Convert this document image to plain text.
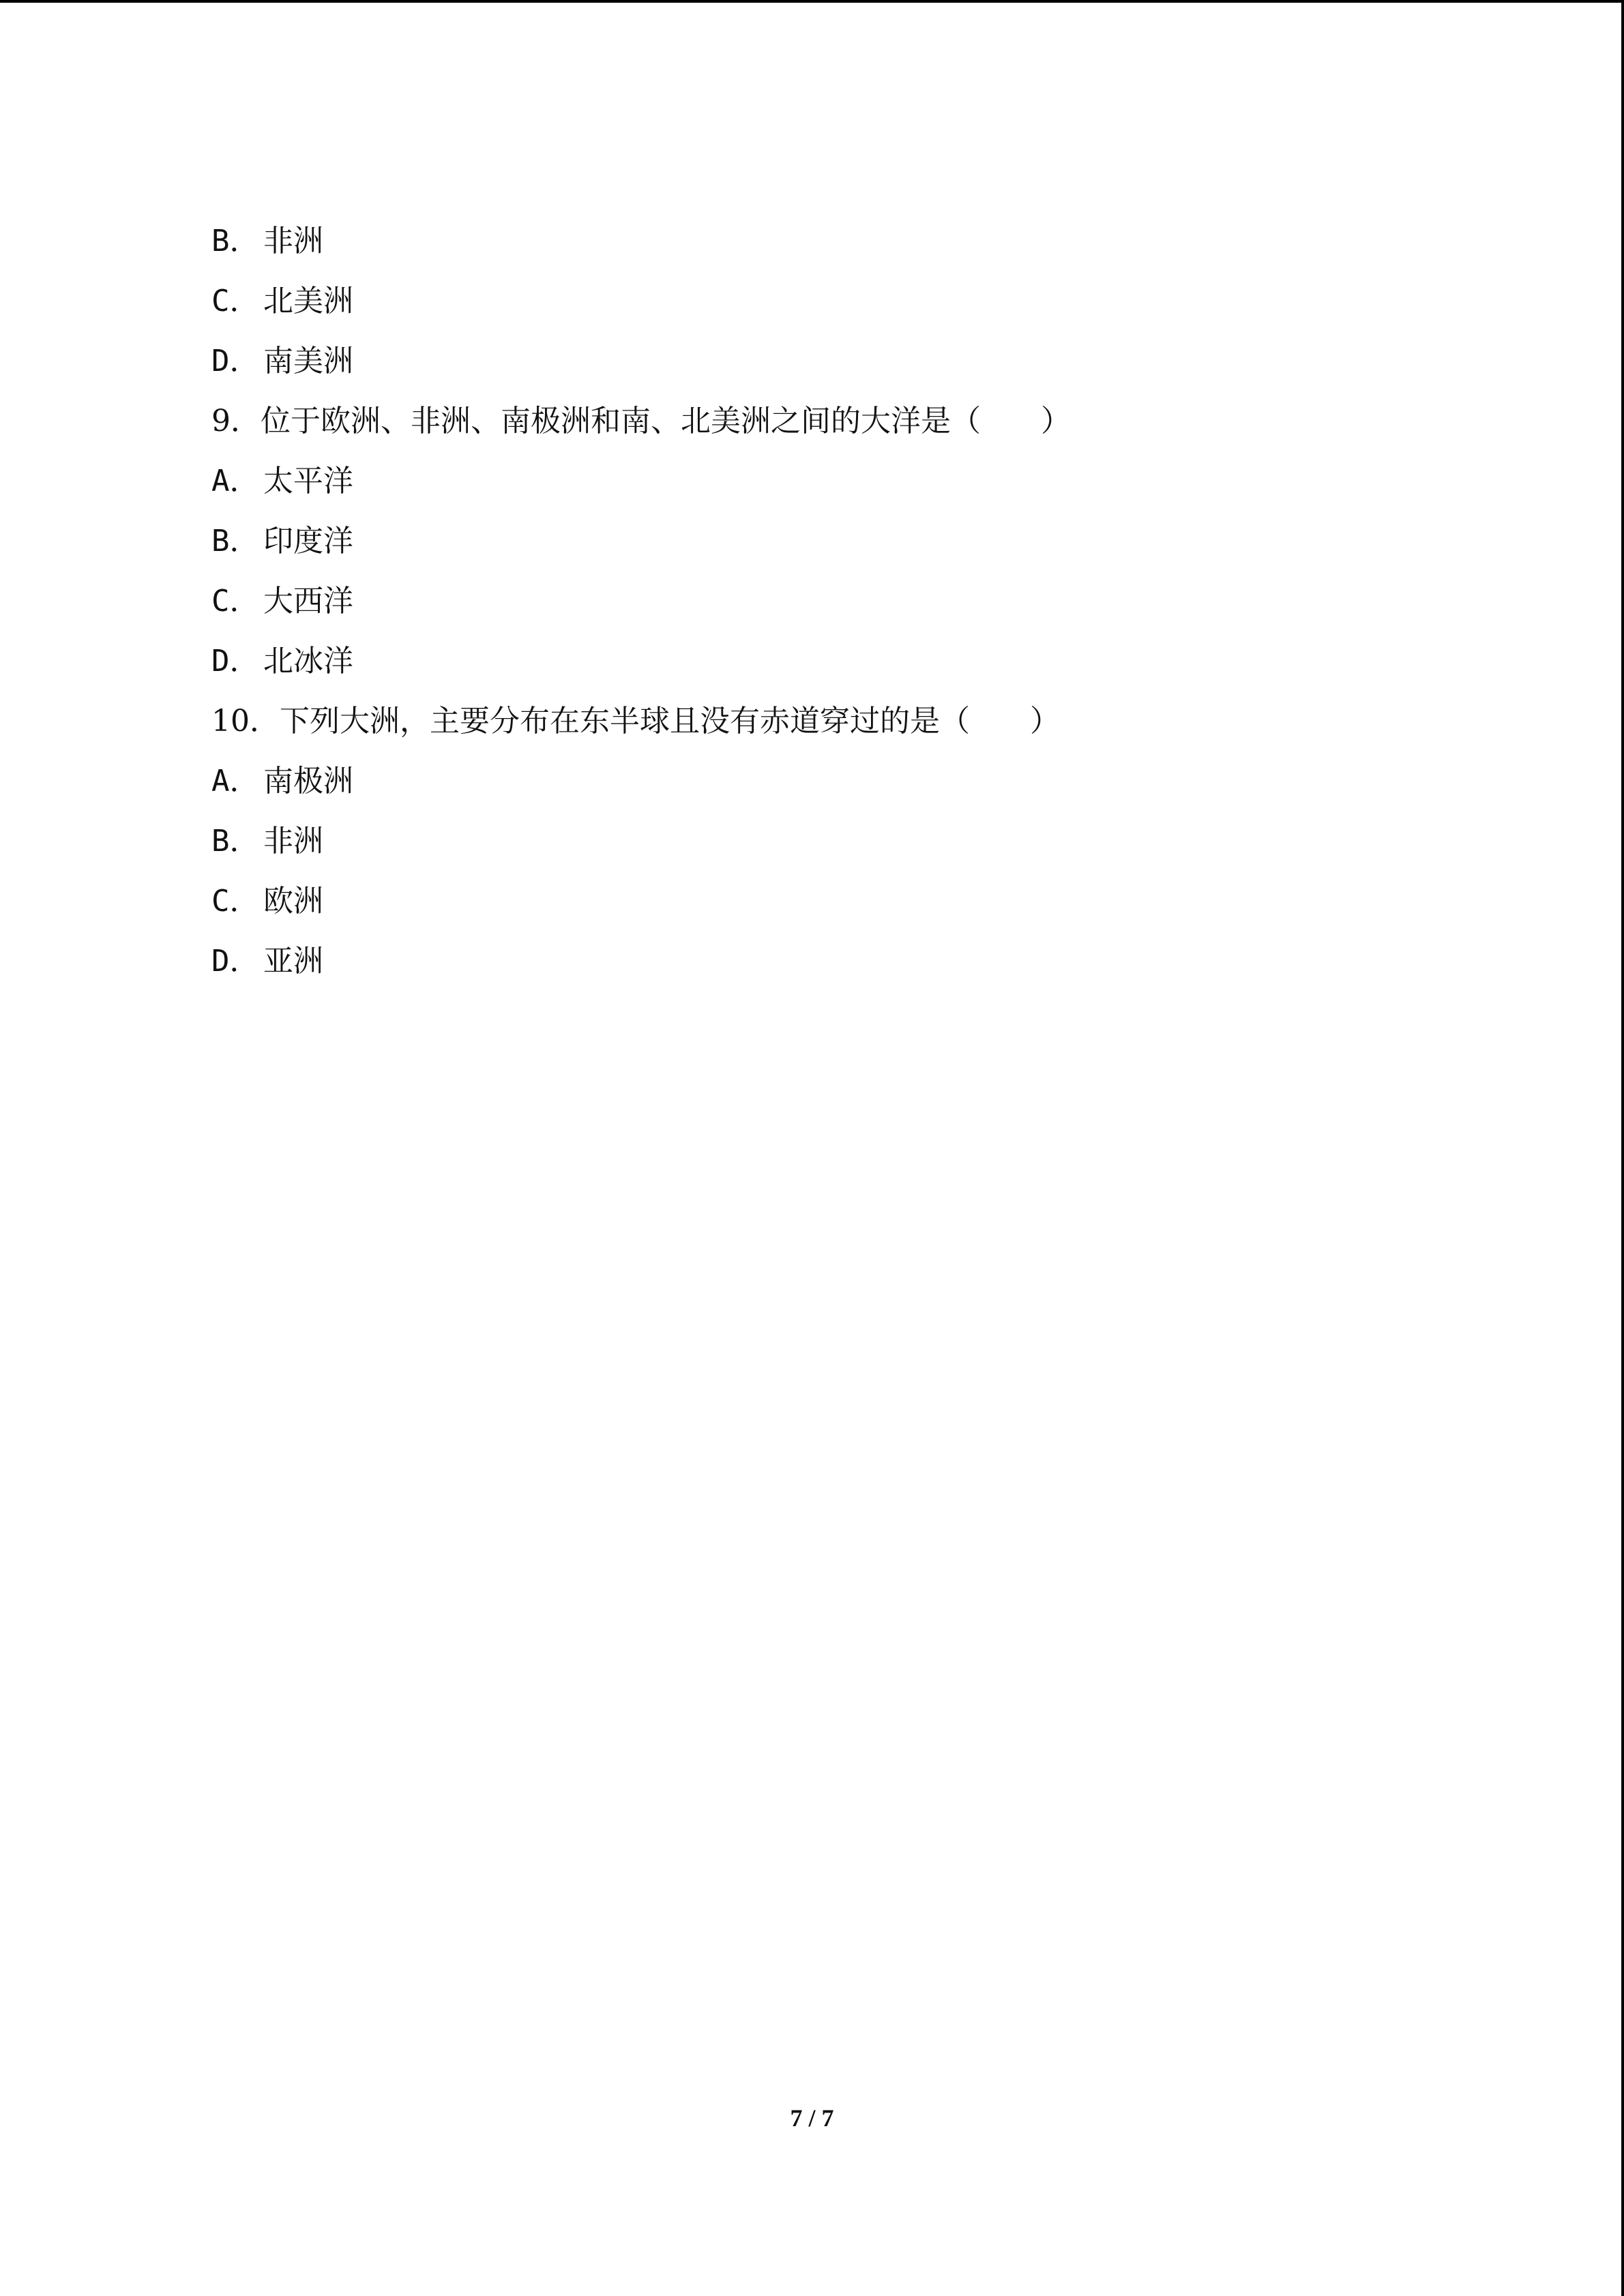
B． 非洲
C． 北美洲
D． 南美洲
9．位于欧洲、非洲、南极洲和南、北美洲之间的大洋是（　　）
A． 太平洋
B． 印度洋
C． 大西洋
D． 北冰洋
10．下列大洲，主要分布在东半球且没有赤道穿过的是（　　）
A． 南极洲
B． 非洲
C． 欧洲
D． 亚洲
7 / 7
